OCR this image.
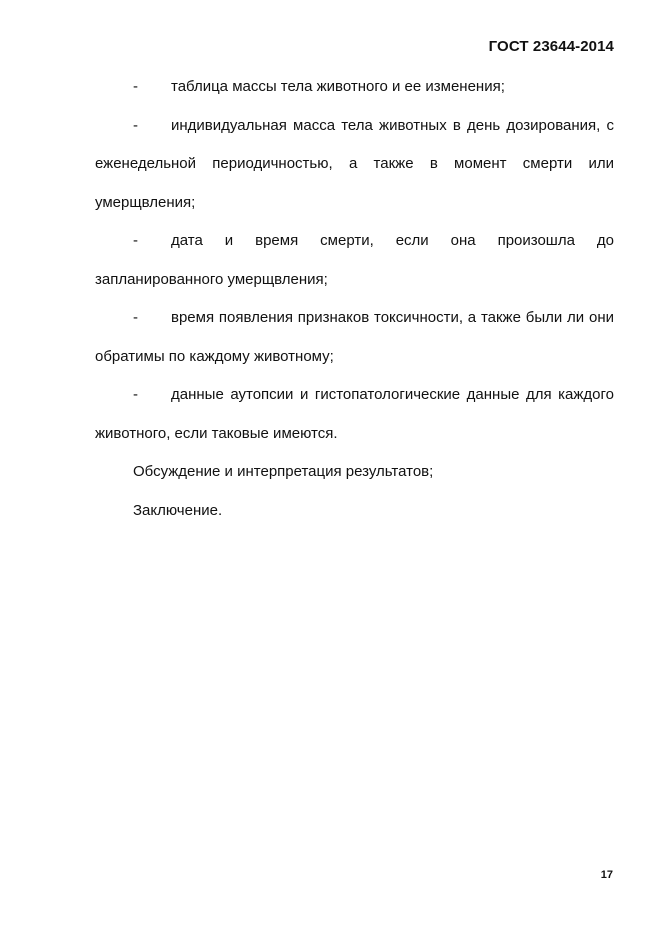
ГОСТ 23644-2014

- таблица массы тела животного и ее изменения;

- индивидуальная масса тела животных в день дозирования, с еженедельной периодичностью, а также в момент смерти или умерщвления;

- дата и время смерти, если она произошла до запланированного умерщвления;

- время появления признаков токсичности, а также были ли они обратимы по каждому животному;

- данные аутопсии и гистопатологические данные для каждого животного, если таковые имеются.

Обсуждение и интерпретация результатов;

Заключение.

17
